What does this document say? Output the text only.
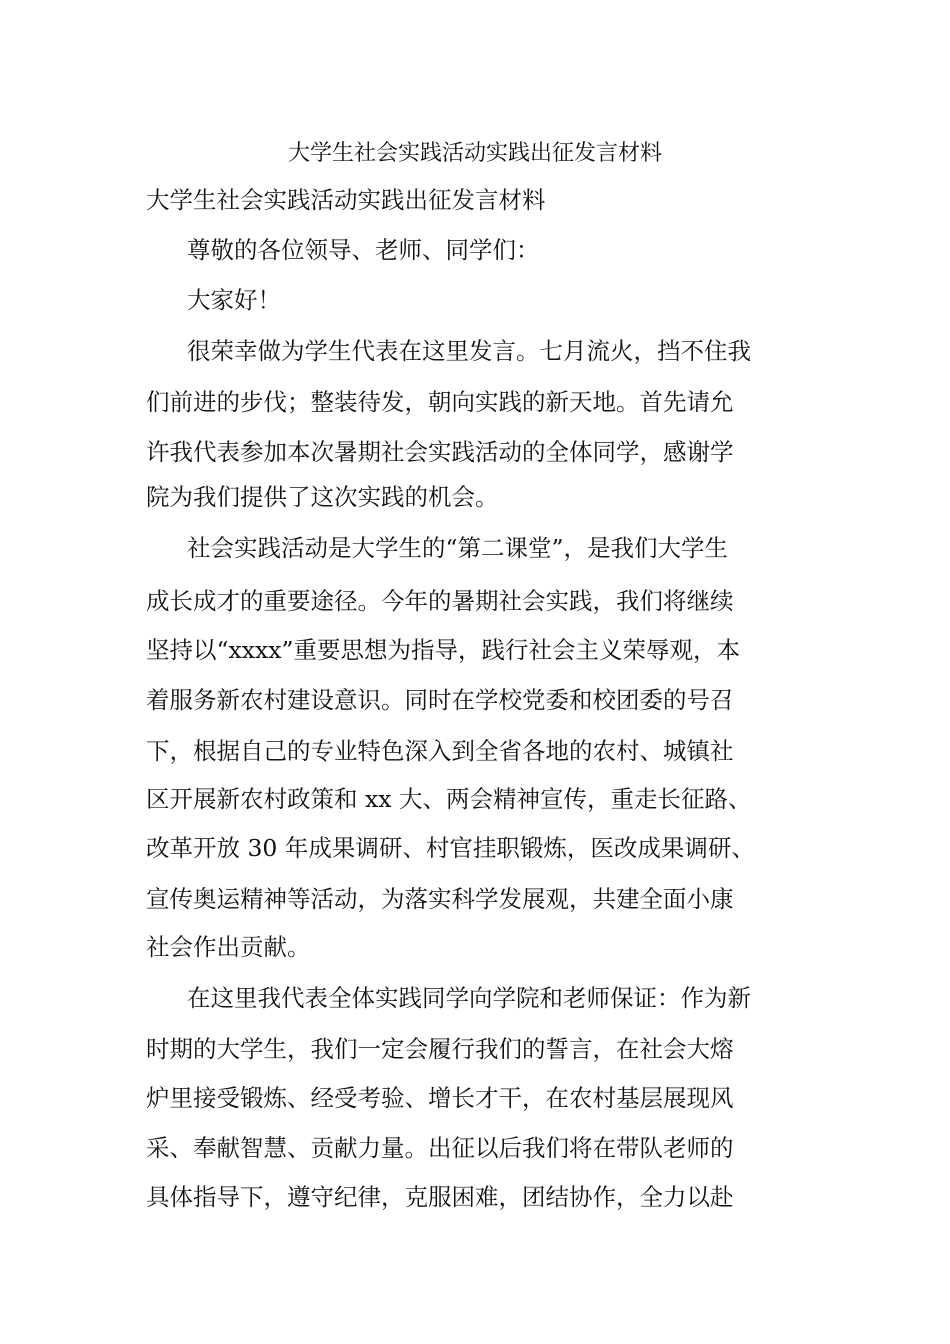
大学生社会实践活动实践出征发言材料

大学生社会实践活动实践出征发言材料

尊敬的各位领导、老师、同学们：

大家好！

很荣幸做为学生代表在这里发言。七月流火，挡不住我

们前进的步伐；整装待发，朝向实践的新天地。首先请允

许我代表参加本次暑期社会实践活动的全体同学，感谢学

院为我们提供了这次实践的机会。

社会实践活动是大学生的“第二课堂”，是我们大学生

成长成才的重要途径。今年的暑期社会实践，我们将继续

坚持以“xxxx”重要思想为指导，践行社会主义荣辱观，本

着服务新农村建设意识。同时在学校党委和校团委的号召

下，根据自己的专业特色深入到全省各地的农村、城镇社

区开展新农村政策和 xx 大、两会精神宣传，重走长征路、

改革开放 30 年成果调研、村官挂职锻炼，医改成果调研、

宣传奥运精神等活动，为落实科学发展观，共建全面小康

社会作出贡献。

在这里我代表全体实践同学向学院和老师保证：作为新

时期的大学生，我们一定会履行我们的誓言，在社会大熔

炉里接受锻炼、经受考验、增长才干，在农村基层展现风

采、奉献智慧、贡献力量。出征以后我们将在带队老师的

具体指导下，遵守纪律，克服困难，团结协作，全力以赴
